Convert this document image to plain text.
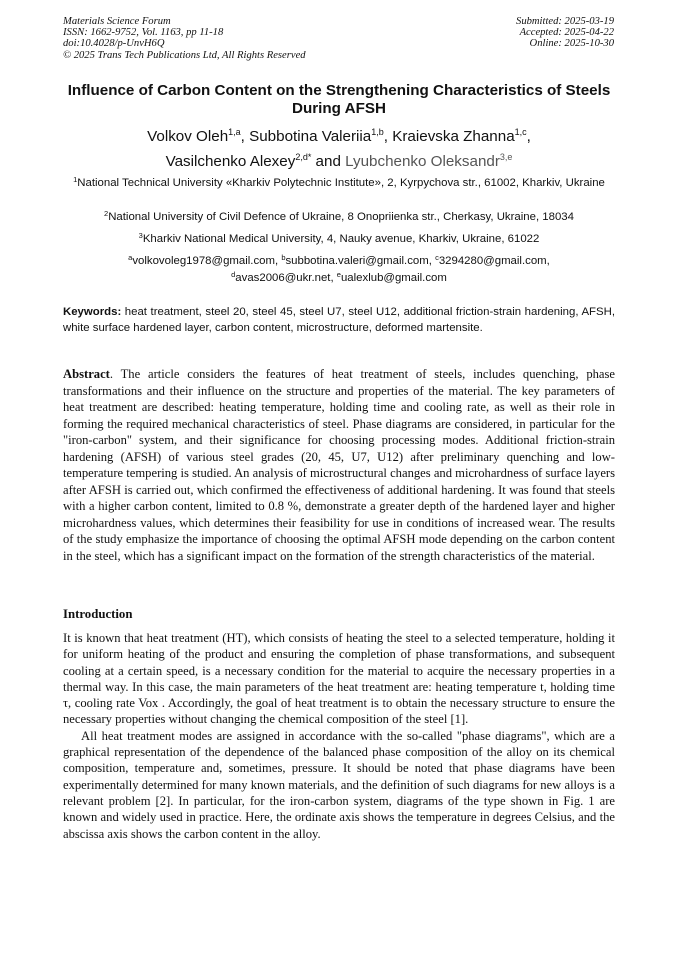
Materials Science Forum
ISSN: 1662-9752, Vol. 1163, pp 11-18
doi:10.4028/p-UnvH6Q
© 2025 Trans Tech Publications Ltd, All Rights Reserved
Submitted: 2025-03-19
Accepted: 2025-04-22
Online: 2025-10-30
Influence of Carbon Content on the Strengthening Characteristics of Steels During AFSH
Volkov Oleh$^{1,a}$, Subbotina Valeriia$^{1,b}$, Kraievska Zhanna$^{1,c}$,
Vasilchenko Alexey$^{2,d*}$ and Lyubchenko Oleksandr$^{3,e}$
$^1$National Technical University «Kharkiv Polytechnic Institute», 2, Kyrpychova str., 61002, Kharkiv, Ukraine
$^2$National University of Civil Defence of Ukraine, 8 Onopriienka str., Cherkasy, Ukraine, 18034
$^3$Kharkiv National Medical University, 4, Nauky avenue, Kharkiv, Ukraine, 61022
$^a$volkovoleg1978@gmail.com, $^b$subbotina.valeri@gmail.com, $^c$3294280@gmail.com,
$^d$avas2006@ukr.net, $^e$ualexlub@gmail.com
Keywords: heat treatment, steel 20, steel 45, steel U7, steel U12, additional friction-strain hardening, AFSH, white surface hardened layer, carbon content, microstructure, deformed martensite.
Abstract. The article considers the features of heat treatment of steels, includes quenching, phase transformations and their influence on the structure and properties of the material. The key parameters of heat treatment are described: heating temperature, holding time and cooling rate, as well as their role in forming the required mechanical characteristics of steel. Phase diagrams are considered, in particular for the "iron-carbon" system, and their significance for choosing processing modes. Additional friction-strain hardening (AFSH) of various steel grades (20, 45, U7, U12) after preliminary quenching and low-temperature tempering is studied. An analysis of microstructural changes and microhardness of surface layers after AFSH is carried out, which confirmed the effectiveness of additional hardening. It was found that steels with a higher carbon content, limited to 0.8 %, demonstrate a greater depth of the hardened layer and higher microhardness values, which determines their feasibility for use in conditions of increased wear. The results of the study emphasize the importance of choosing the optimal AFSH mode depending on the carbon content in the steel, which has a significant impact on the formation of the strength characteristics of the material.
Introduction

It is known that heat treatment (HT), which consists of heating the steel to a selected temperature, holding it for uniform heating of the product and ensuring the completion of phase transformations, and subsequent cooling at a certain speed, is a necessary condition for the material to acquire the necessary properties in a thermal way. In this case, the main parameters of the heat treatment are: heating temperature t, holding time τ, cooling rate Vox . Accordingly, the goal of heat treatment is to obtain the necessary structure to ensure the necessary properties without changing the chemical composition of the steel [1].

All heat treatment modes are assigned in accordance with the so-called "phase diagrams", which are a graphical representation of the dependence of the balanced phase composition of the alloy on its chemical composition, temperature and, sometimes, pressure. It should be noted that phase diagrams have been experimentally determined for many known materials, and the definition of such diagrams for new alloys is a relevant problem [2]. In particular, for the iron-carbon system, diagrams of the type shown in Fig. 1 are known and widely used in practice. Here, the ordinate axis shows the temperature in degrees Celsius, and the abscissa axis shows the carbon content in the alloy.
